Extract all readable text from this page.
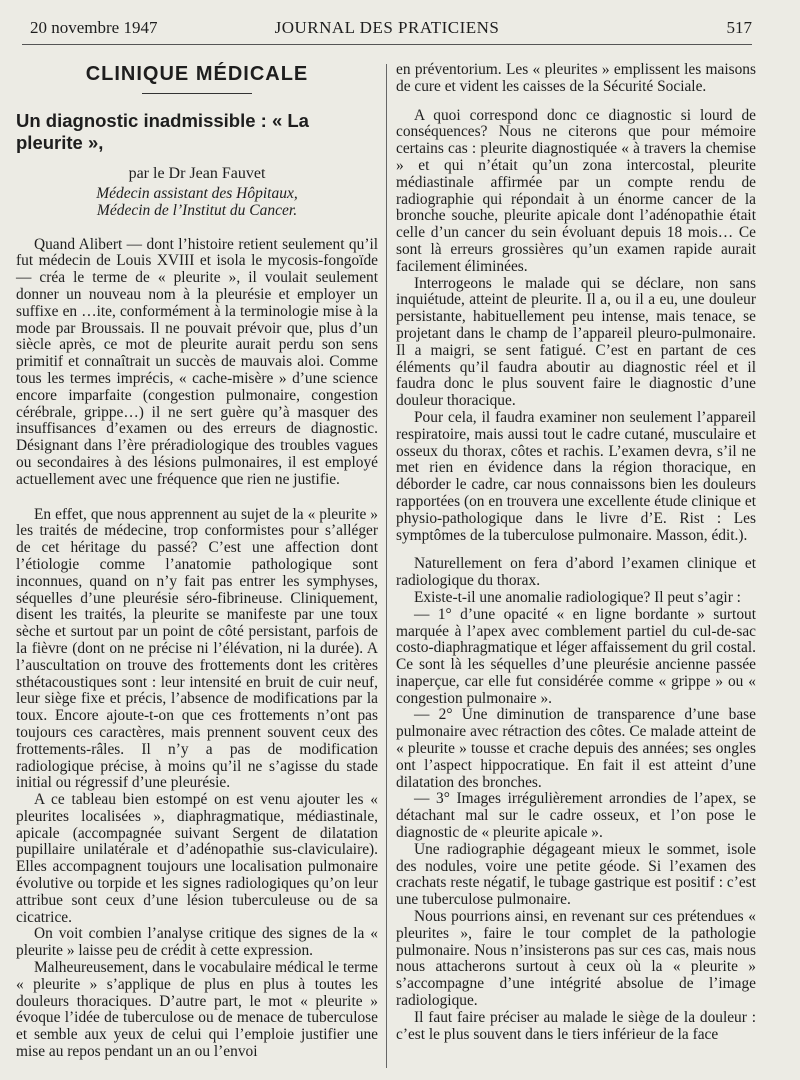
20 novembre 1947	JOURNAL DES PRATICIENS	517
CLINIQUE MÉDICALE
Un diagnostic inadmissible : « La pleurite »,

par le Dr Jean Fauvet

Médecin assistant des Hôpitaux,

Médecin de l’Institut du Cancer.

Quand Alibert — dont l’histoire retient seulement qu’il fut médecin de Louis XVIII et isola le mycosis-fongoïde — créa le terme de « pleurite », il voulait seulement donner un nouveau nom à la pleurésie et employer un suffixe en …ite, conformément à la terminologie mise à la mode par Broussais. Il ne pouvait prévoir que, plus d’un siècle après, ce mot de pleurite aurait perdu son sens primitif et connaîtrait un succès de mauvais aloi. Comme tous les termes imprécis, « cache-misère » d’une science encore imparfaite (congestion pulmonaire, congestion cérébrale, grippe…) il ne sert guère qu’à masquer des insuffisances d’examen ou des erreurs de diagnostic. Désignant dans l’ère préradiologique des troubles vagues ou secondaires à des lésions pulmonaires, il est employé actuellement avec une fréquence que rien ne justifie.

En effet, que nous apprennent au sujet de la « pleurite » les traités de médecine, trop conformistes pour s’alléger de cet héritage du passé? C’est une affection dont l’étiologie comme l’anatomie pathologique sont inconnues, quand on n’y fait pas entrer les symphyses, séquelles d’une pleurésie séro-fibrineuse. Cliniquement, disent les traités, la pleurite se manifeste par une toux sèche et surtout par un point de côté persistant, parfois de la fièvre (dont on ne précise ni l’élévation, ni la durée). A l’auscultation on trouve des frottements dont les critères sthétacoustiques sont : leur intensité en bruit de cuir neuf, leur siège fixe et précis, l’absence de modifications par la toux. Encore ajoute-t-on que ces frottements n’ont pas toujours ces caractères, mais prennent souvent ceux des frottements-râles. Il n’y a pas de modification radiologique précise, à moins qu’il ne s’agisse du stade initial ou régressif d’une pleurésie.

A ce tableau bien estompé on est venu ajouter les « pleurites localisées », diaphragmatique, médiastinale, apicale (accompagnée suivant Sergent de dilatation pupillaire unilatérale et d’adénopathie sus-claviculaire). Elles accompagnent toujours une localisation pulmonaire évolutive ou torpide et les signes radiologiques qu’on leur attribue sont ceux d’une lésion tuberculeuse ou de sa cicatrice.

On voit combien l’analyse critique des signes de la « pleurite » laisse peu de crédit à cette expression.

Malheureusement, dans le vocabulaire médical le terme « pleurite » s’applique de plus en plus à toutes les douleurs thoraciques. D’autre part, le mot « pleurite » évoque l’idée de tuberculose ou de menace de tuberculose et semble aux yeux de celui qui l’emploie justifier une mise au repos pendant un an ou l’envoi

en préventorium. Les « pleurites » emplissent les maisons de cure et vident les caisses de la Sécurité Sociale.

A quoi correspond donc ce diagnostic si lourd de conséquences? Nous ne citerons que pour mémoire certains cas : pleurite diagnostiquée « à travers la chemise » et qui n’était qu’un zona intercostal, pleurite médiastinale affirmée par un compte rendu de radiographie qui répondait à un énorme cancer de la bronche souche, pleurite apicale dont l’adénopathie était celle d’un cancer du sein évoluant depuis 18 mois… Ce sont là erreurs grossières qu’un examen rapide aurait facilement éliminées.

Interrogeons le malade qui se déclare, non sans inquiétude, atteint de pleurite. Il a, ou il a eu, une douleur persistante, habituellement peu intense, mais tenace, se projetant dans le champ de l’appareil pleuro-pulmonaire. Il a maigri, se sent fatigué. C’est en partant de ces éléments qu’il faudra aboutir au diagnostic réel et il faudra donc le plus souvent faire le diagnostic d’une douleur thoracique.

Pour cela, il faudra examiner non seulement l’appareil respiratoire, mais aussi tout le cadre cutané, musculaire et osseux du thorax, côtes et rachis. L’examen devra, s’il ne met rien en évidence dans la région thoracique, en déborder le cadre, car nous connaissons bien les douleurs rapportées (on en trouvera une excellente étude clinique et physio-pathologique dans le livre d’E. Rist : Les symptômes de la tuberculose pulmonaire. Masson, édit.).

Naturellement on fera d’abord l’examen clinique et radiologique du thorax.

Existe-t-il une anomalie radiologique? Il peut s’agir :

— 1° d’une opacité « en ligne bordante » surtout marquée à l’apex avec comblement partiel du cul-de-sac costo-diaphragmatique et léger affaissement du gril costal. Ce sont là les séquelles d’une pleurésie ancienne passée inaperçue, car elle fut considérée comme « grippe » ou « congestion pulmonaire ».

— 2° Une diminution de transparence d’une base pulmonaire avec rétraction des côtes. Ce malade atteint de « pleurite » tousse et crache depuis des années; ses ongles ont l’aspect hippocratique. En fait il est atteint d’une dilatation des bronches.

— 3° Images irrégulièrement arrondies de l’apex, se détachant mal sur le cadre osseux, et l’on pose le diagnostic de « pleurite apicale ».

Une radiographie dégageant mieux le sommet, isole des nodules, voire une petite géode. Si l’examen des crachats reste négatif, le tubage gastrique est positif : c’est une tuberculose pulmonaire.

Nous pourrions ainsi, en revenant sur ces prétendues « pleurites », faire le tour complet de la pathologie pulmonaire. Nous n’insisterons pas sur ces cas, mais nous nous attacherons surtout à ceux où la « pleurite » s’accompagne d’une intégrité absolue de l’image radiologique.

Il faut faire préciser au malade le siège de la douleur : c’est le plus souvent dans le tiers inférieur de la face
